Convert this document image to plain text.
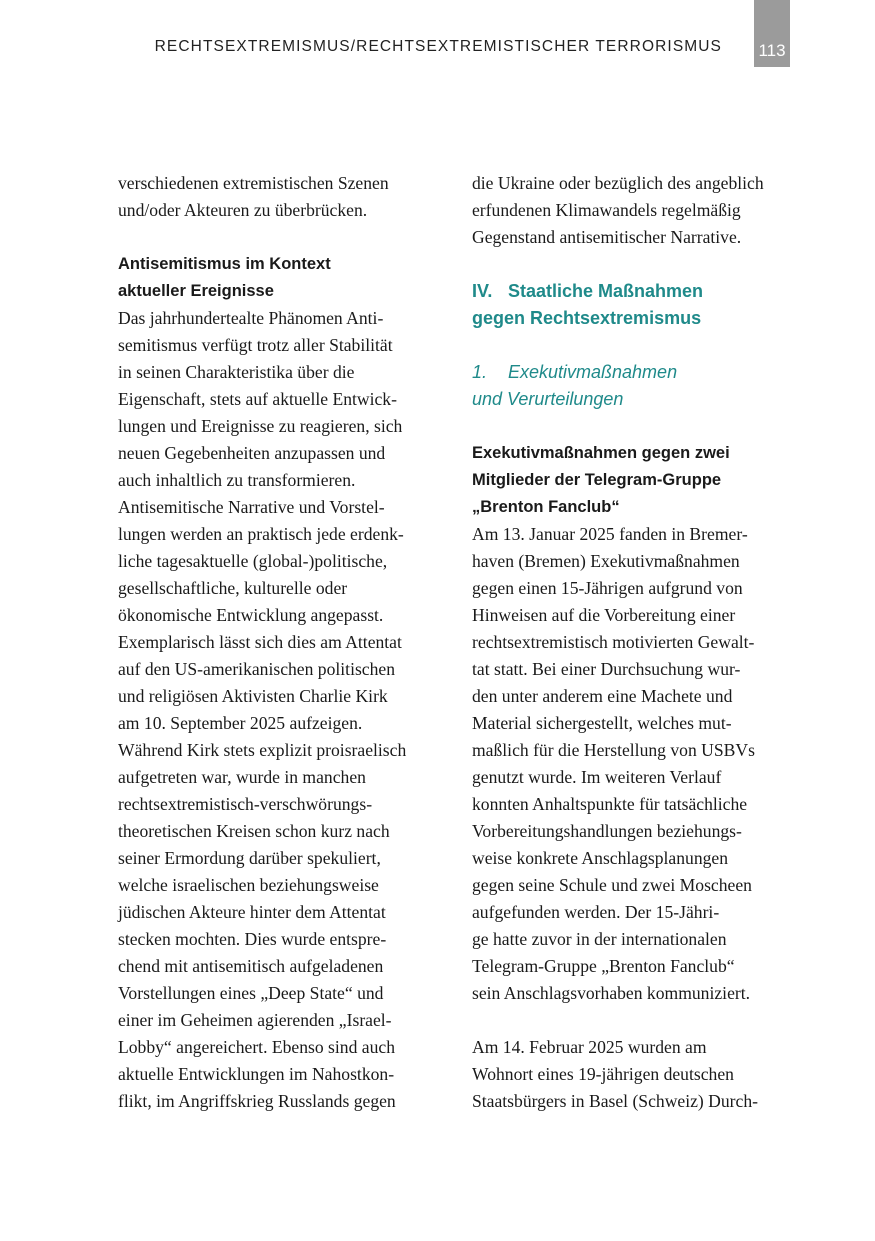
RECHTSEXTREMISMUS/RECHTSEXTREMISTISCHER TERRORISMUS 113
verschiedenen extremistischen Szenen
und/oder Akteuren zu überbrücken.
Antisemitismus im Kontext
aktueller Ereignisse
Das jahrhundertealte Phänomen Anti-
semitismus verfügt trotz aller Stabilität
in seinen Charakteristika über die
Eigenschaft, stets auf aktuelle Entwick-
lungen und Ereignisse zu reagieren, sich
neuen Gegebenheiten anzupassen und
auch inhaltlich zu transformieren.
Antisemitische Narrative und Vorstel-
lungen werden an praktisch jede erdenk-
liche tagesaktuelle (global-)politische,
gesellschaftliche, kulturelle oder
ökonomische Entwicklung angepasst.
Exemplarisch lässt sich dies am Attentat
auf den US-amerikanischen politischen
und religiösen Aktivisten Charlie Kirk
am 10. September 2025 aufzeigen.
Während Kirk stets explizit proisraelisch
aufgetreten war, wurde in manchen
rechtsextremistisch-verschwörungs-
theoretischen Kreisen schon kurz nach
seiner Ermordung darüber spekuliert,
welche israelischen beziehungsweise
jüdischen Akteure hinter dem Attentat
stecken mochten. Dies wurde entspre-
chend mit antisemitisch aufgeladenen
Vorstellungen eines „Deep State“ und
einer im Geheimen agierenden „Israel-
Lobby“ angereichert. Ebenso sind auch
aktuelle Entwicklungen im Nahostkon-
flikt, im Angriffskrieg Russlands gegen
die Ukraine oder bezüglich des angeblich
erfundenen Klimawandels regelmäßig
Gegenstand antisemitischer Narrative.
IV. Staatliche Maßnahmen
gegen Rechtsextremismus
1. Exekutivmaßnahmen
und Verurteilungen
Exekutivmaßnahmen gegen zwei
Mitglieder der Telegram-Gruppe
„Brenton Fanclub“
Am 13. Januar 2025 fanden in Bremer-
haven (Bremen) Exekutivmaßnahmen
gegen einen 15-Jährigen aufgrund von
Hinweisen auf die Vorbereitung einer
rechtsextremistisch motivierten Gewalt-
tat statt. Bei einer Durchsuchung wur-
den unter anderem eine Machete und
Material sichergestellt, welches mut-
maßlich für die Herstellung von USBVs
genutzt wurde. Im weiteren Verlauf
konnten Anhaltspunkte für tatsächliche
Vorbereitungshandlungen beziehungs-
weise konkrete Anschlagsplanungen
gegen seine Schule und zwei Moscheen
aufgefunden werden. Der 15-Jähri-
ge hatte zuvor in der internationalen
Telegram-Gruppe „Brenton Fanclub“
sein Anschlagsvorhaben kommuniziert.
Am 14. Februar 2025 wurden am
Wohnort eines 19-jährigen deutschen
Staatsbürgers in Basel (Schweiz) Durch-
